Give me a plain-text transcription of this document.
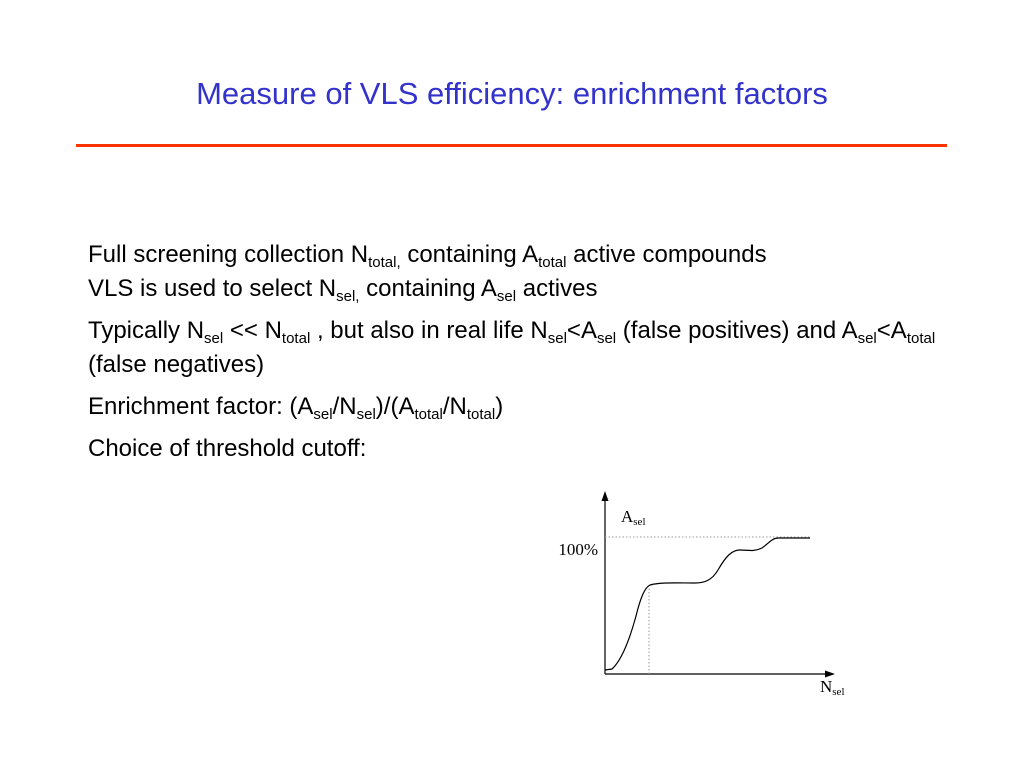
Measure of VLS efficiency: enrichment factors

Full screening collection $N_{total,}$ containing $A_{total}$ active compounds
VLS is used to select $N_{sel,}$ containing $A_{sel}$ actives

Typically $N_{sel} << N_{total}$ , but also in real life $N_{sel}<A_{sel}$ (false positives) and $A_{sel}<A_{total}$ (false negatives)

Enrichment factor: $(A_{sel}/N_{sel})/(A_{total}/N_{total})$

Choice of threshold cutoff:

Asel
100%
Nsel
